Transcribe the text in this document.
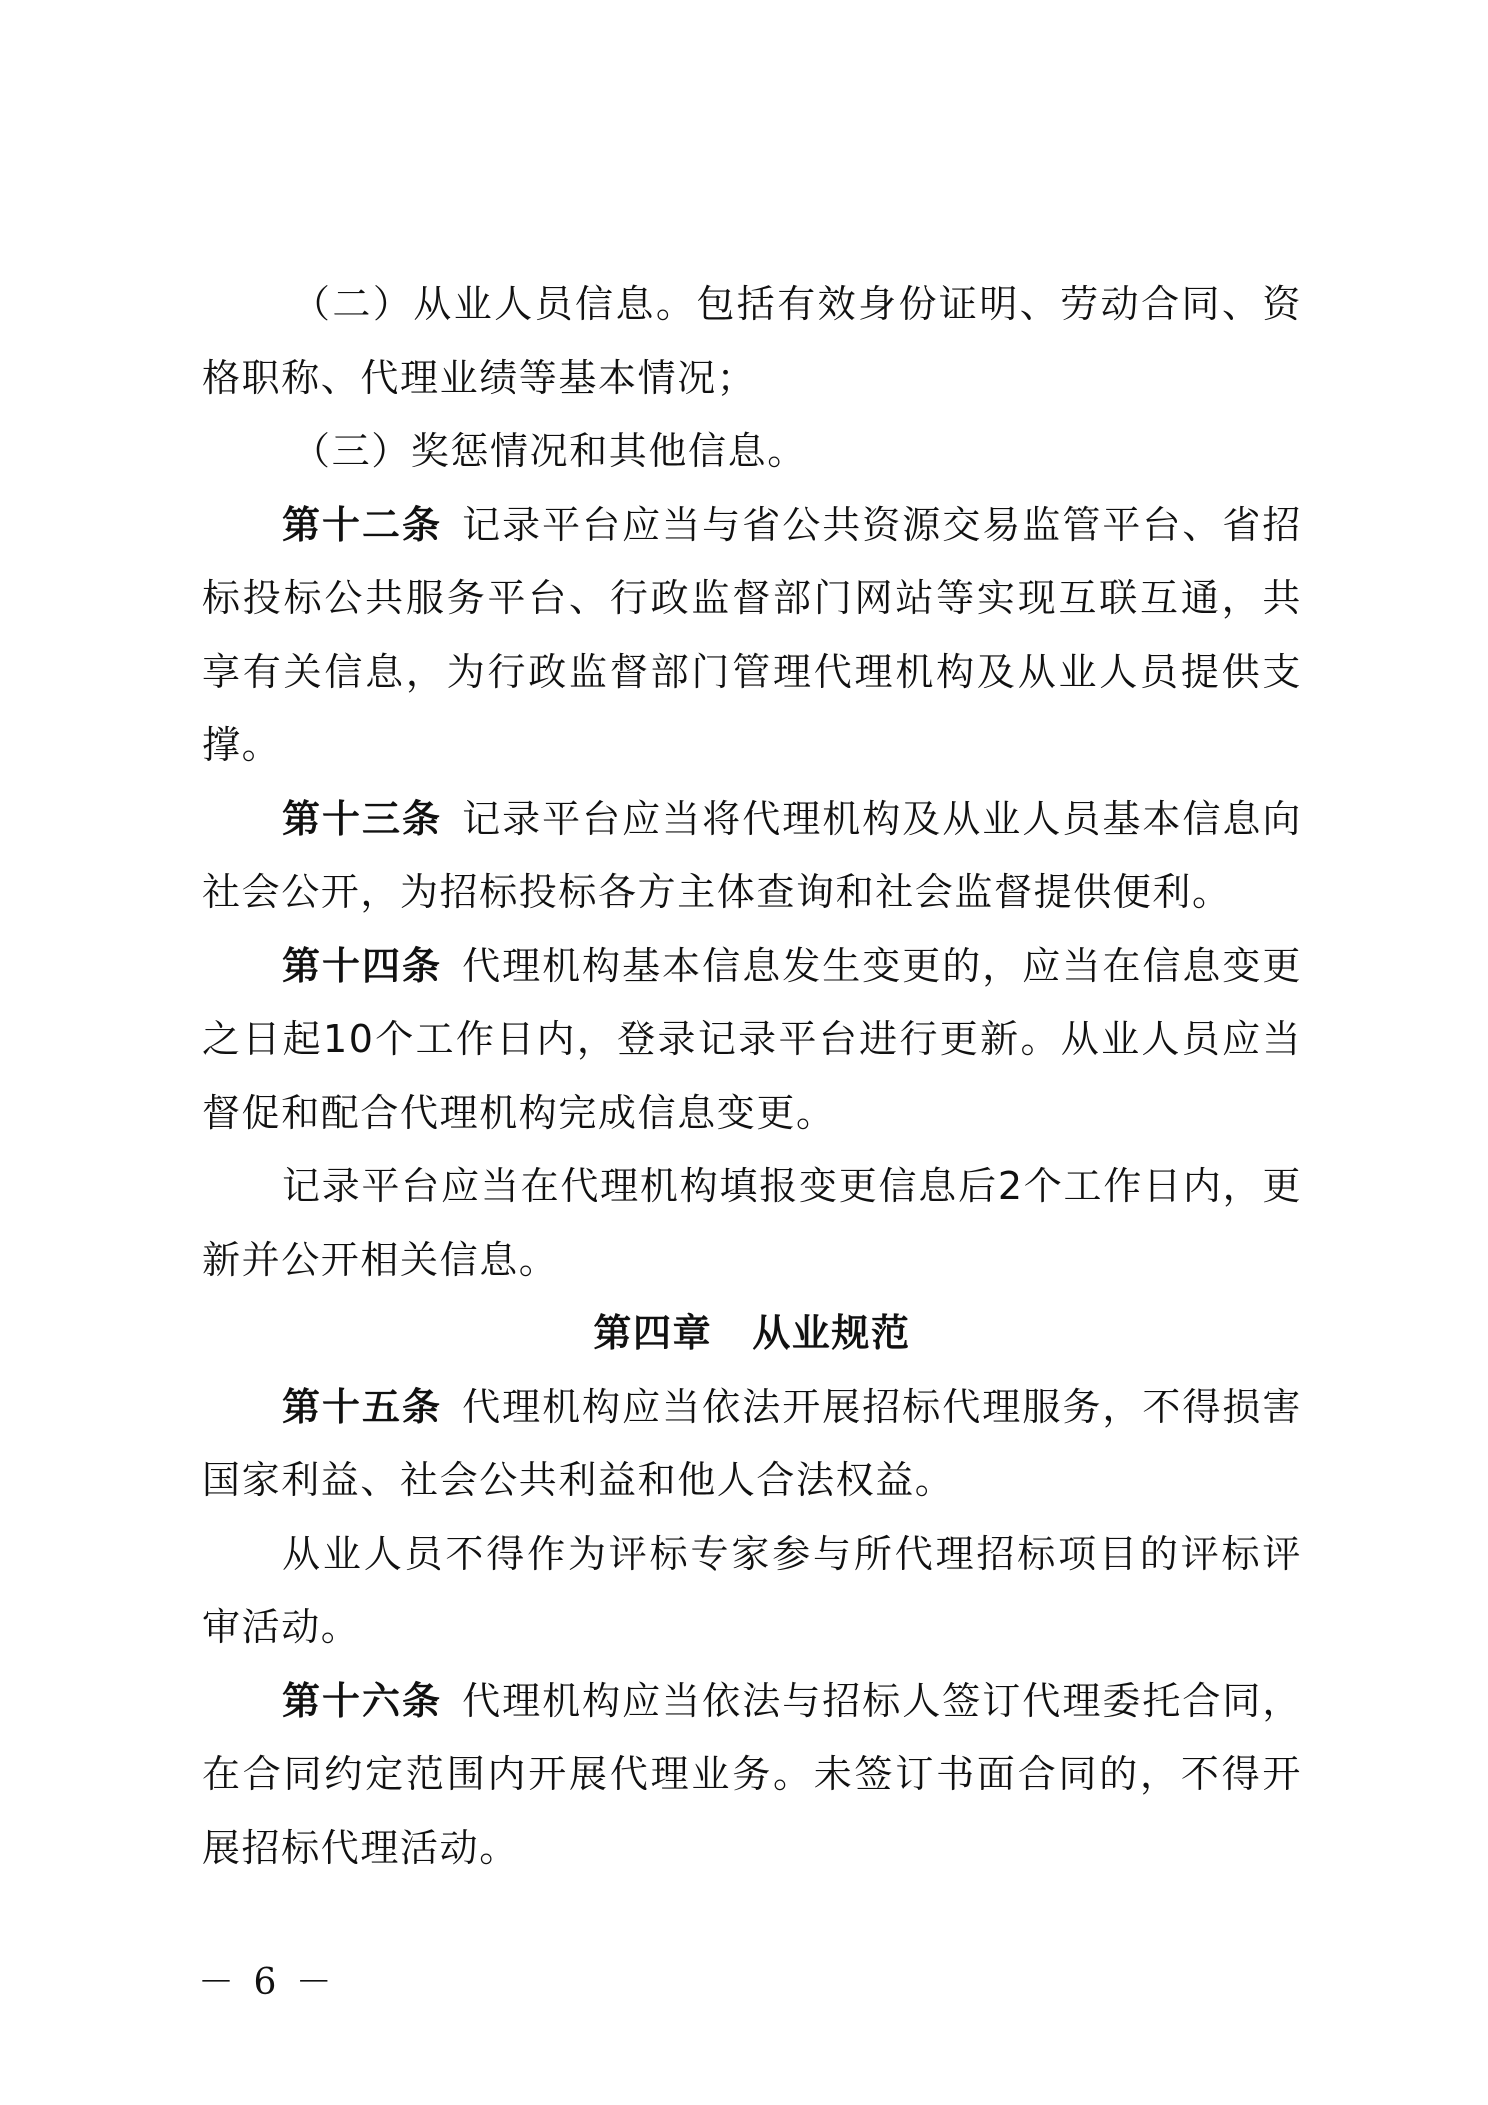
（二）从业人员信息。包括有效身份证明、劳动合同、资格职称、代理业绩等基本情况；

（三）奖惩情况和其他信息。

第十二条 记录平台应当与省公共资源交易监管平台、省招标投标公共服务平台、行政监督部门网站等实现互联互通，共享有关信息，为行政监督部门管理代理机构及从业人员提供支撑。

第十三条 记录平台应当将代理机构及从业人员基本信息向社会公开，为招标投标各方主体查询和社会监督提供便利。

第十四条 代理机构基本信息发生变更的，应当在信息变更之日起10个工作日内，登录记录平台进行更新。从业人员应当督促和配合代理机构完成信息变更。

记录平台应当在代理机构填报变更信息后2个工作日内，更新并公开相关信息。

第四章 从业规范

第十五条 代理机构应当依法开展招标代理服务，不得损害国家利益、社会公共利益和他人合法权益。

从业人员不得作为评标专家参与所代理招标项目的评标评审活动。

第十六条 代理机构应当依法与招标人签订代理委托合同，在合同约定范围内开展代理业务。未签订书面合同的，不得开展招标代理活动。

－ 6 －
